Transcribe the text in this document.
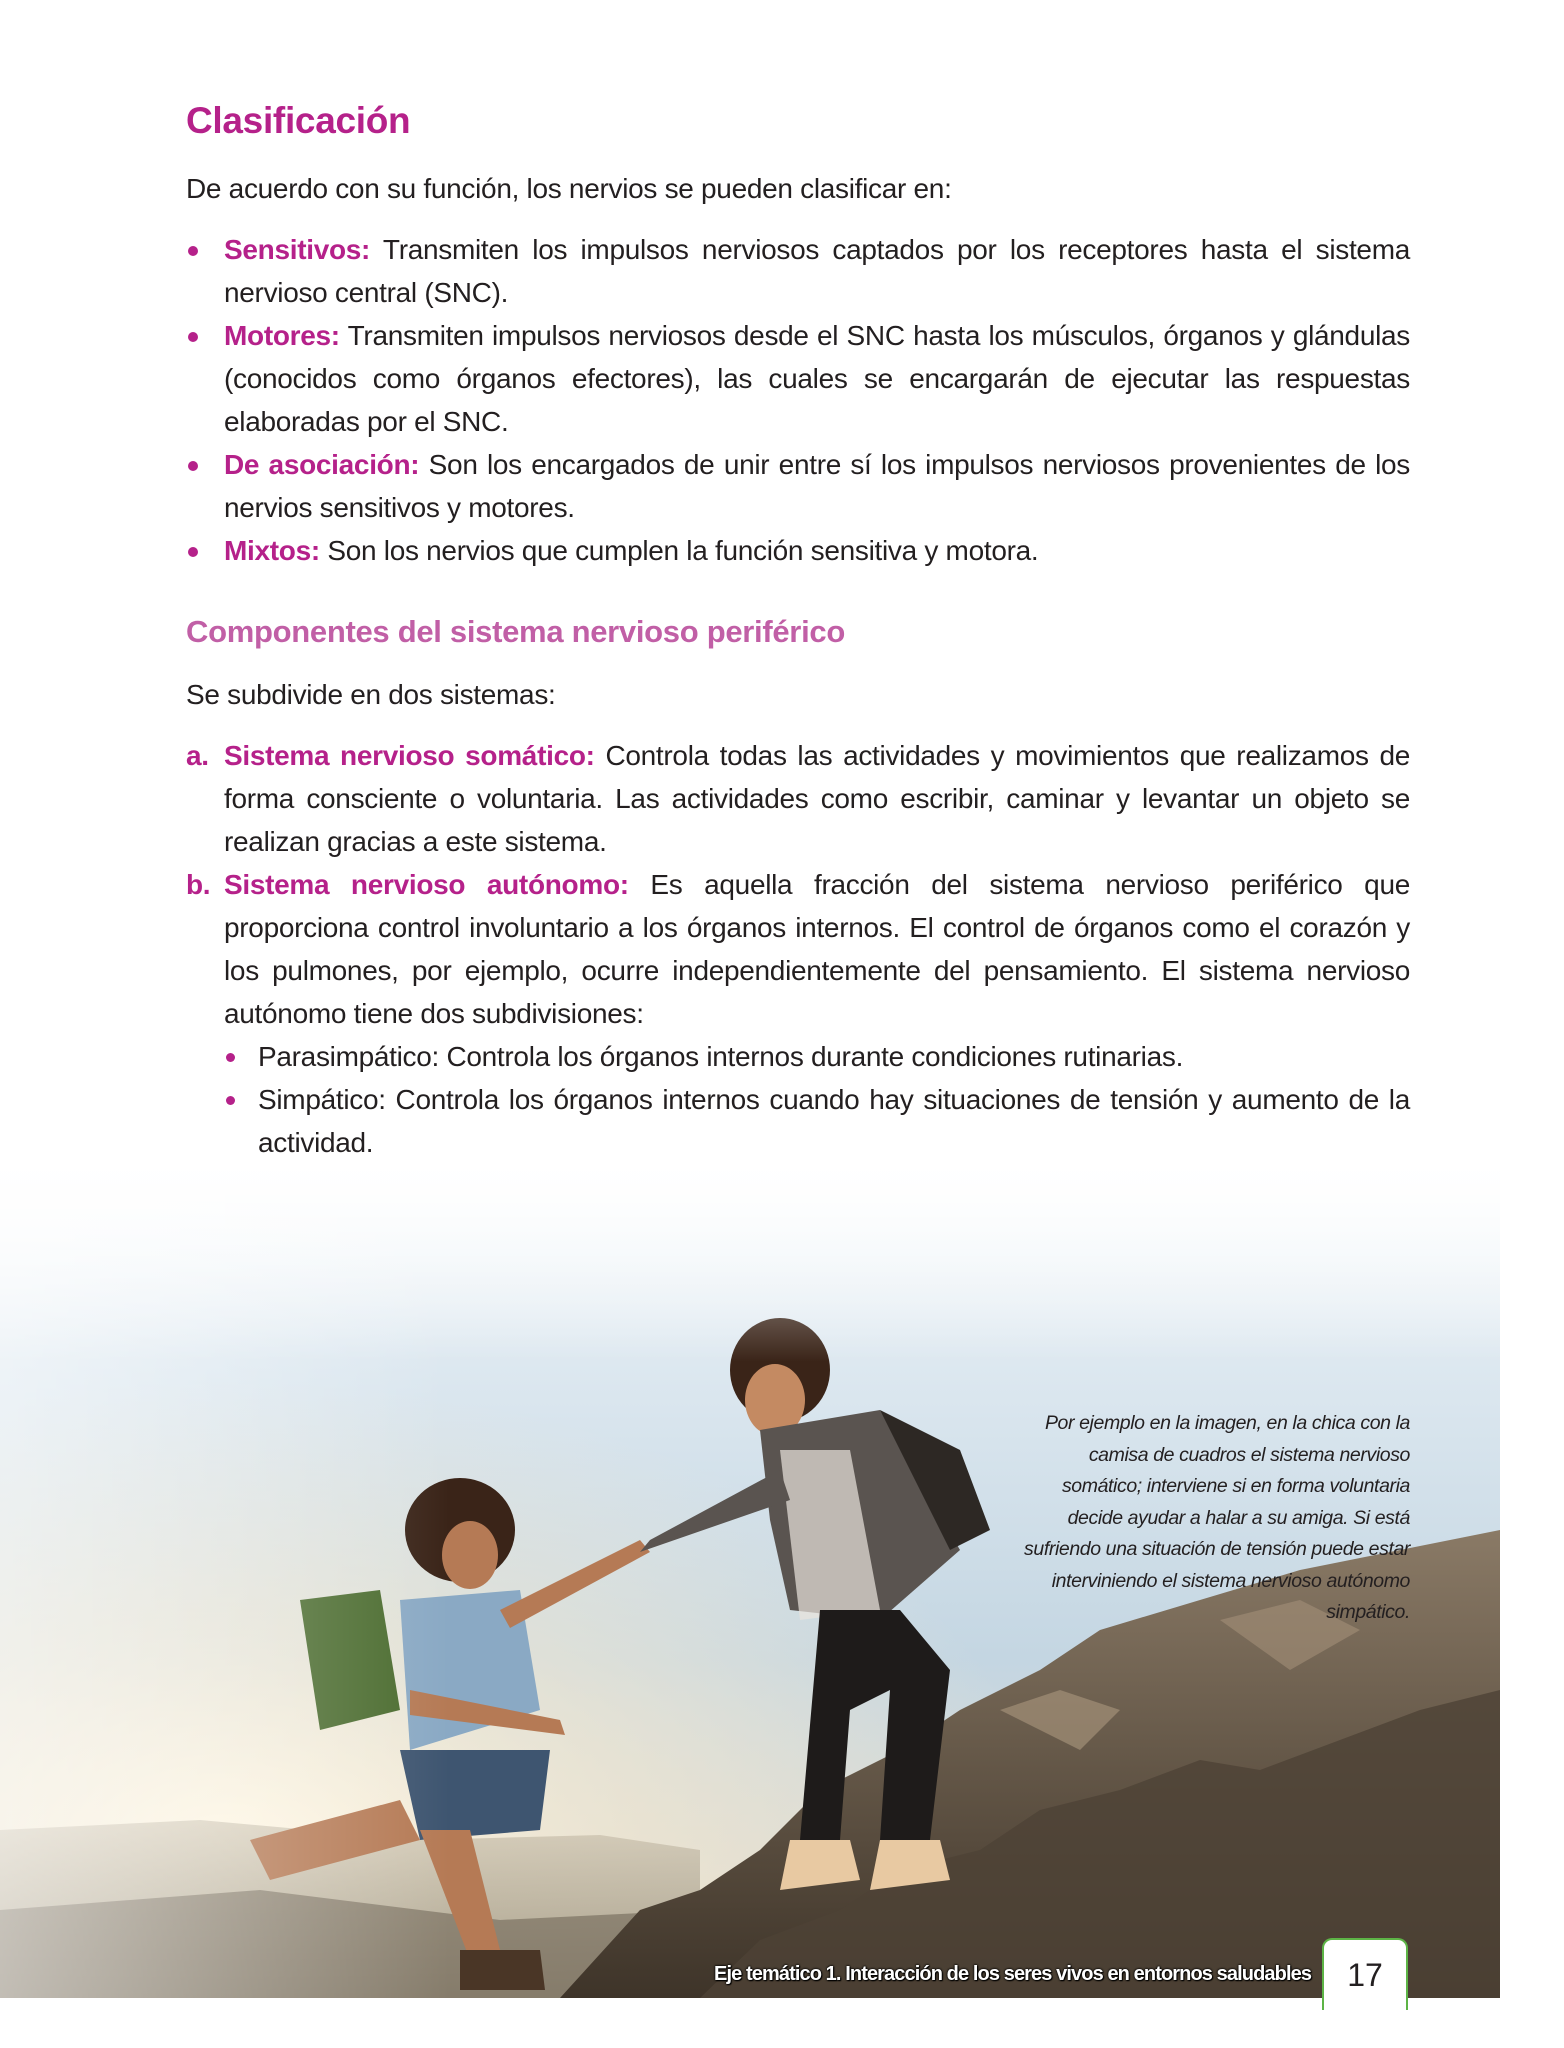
Clasificación

De acuerdo con su función, los nervios se pueden clasificar en:

Sensitivos: Transmiten los impulsos nerviosos captados por los receptores hasta el sistema nervioso central (SNC).
Motores: Transmiten impulsos nerviosos desde el SNC hasta los músculos, órganos y glándulas (conocidos como órganos efectores), las cuales se encargarán de ejecutar las respuestas elaboradas por el SNC.
De asociación: Son los encargados de unir entre sí los impulsos nerviosos provenientes de los nervios sensitivos y motores.
Mixtos: Son los nervios que cumplen la función sensitiva y motora.
Componentes del sistema nervioso periférico

Se subdivide en dos sistemas:

a. Sistema nervioso somático: Controla todas las actividades y movimientos que realizamos de forma consciente o voluntaria. Las actividades como escribir, caminar y levantar un objeto se realizan gracias a este sistema.
b. Sistema nervioso autónomo: Es aquella fracción del sistema nervioso periférico que proporciona control involuntario a los órganos internos. El control de órganos como el corazón y los pulmones, por ejemplo, ocurre independientemente del pensamiento. El sistema nervioso autónomo tiene dos subdivisiones:
Parasimpático: Controla los órganos internos durante condiciones rutinarias.
Simpático: Controla los órganos internos cuando hay situaciones de tensión y aumento de la actividad.
Por ejemplo en la imagen, en la chica con la camisa de cuadros el sistema nervioso somático; interviene si en forma voluntaria decide ayudar a halar a su amiga. Si está sufriendo una situación de tensión puede estar interviniendo el sistema nervioso autónomo simpático.
Eje temático 1. Interacción de los seres vivos en entornos saludables	17
